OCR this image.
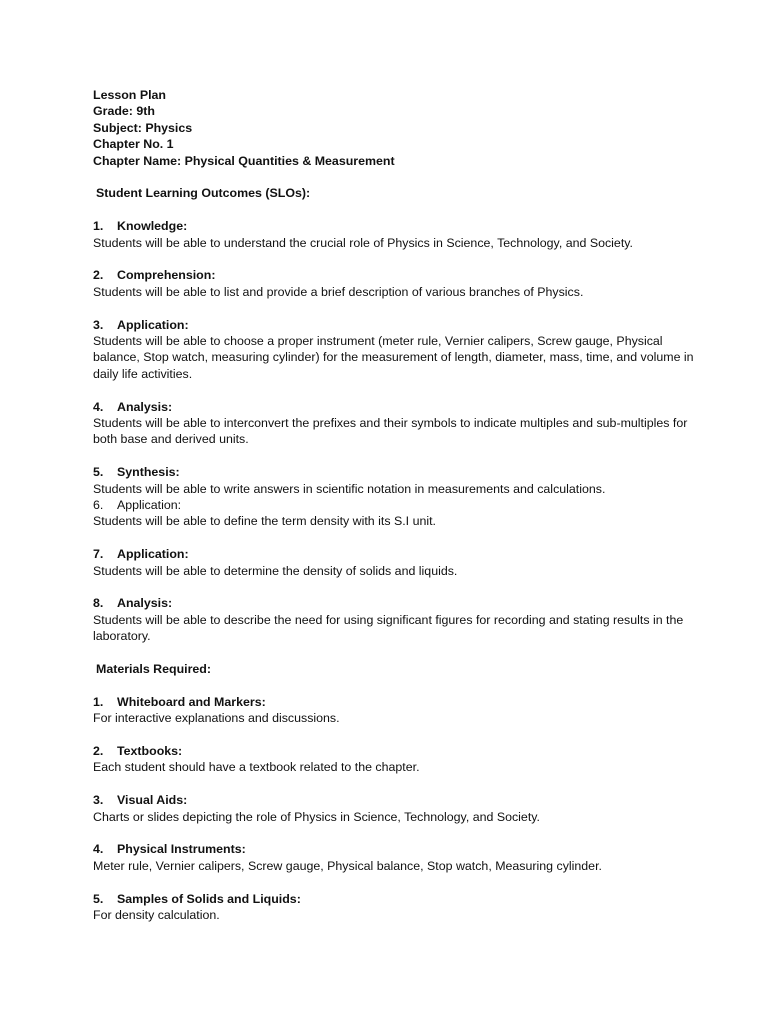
Lesson Plan
Grade: 9th
Subject: Physics
Chapter No. 1
Chapter Name: Physical Quantities & Measurement
Student Learning Outcomes (SLOs):
1. Knowledge:
Students will be able to understand the crucial role of Physics in Science, Technology, and Society.
2. Comprehension:
Students will be able to list and provide a brief description of various branches of Physics.
3. Application:
Students will be able to choose a proper instrument (meter rule, Vernier calipers, Screw gauge, Physical balance, Stop watch, measuring cylinder) for the measurement of length, diameter, mass, time, and volume in daily life activities.
4. Analysis:
Students will be able to interconvert the prefixes and their symbols to indicate multiples and sub-multiples for both base and derived units.
5. Synthesis:
Students will be able to write answers in scientific notation in measurements and calculations.
6. Application:
Students will be able to define the term density with its S.I unit.
7. Application:
Students will be able to determine the density of solids and liquids.
8. Analysis:
Students will be able to describe the need for using significant figures for recording and stating results in the laboratory.
Materials Required:
1. Whiteboard and Markers:
For interactive explanations and discussions.
2. Textbooks:
Each student should have a textbook related to the chapter.
3. Visual Aids:
Charts or slides depicting the role of Physics in Science, Technology, and Society.
4. Physical Instruments:
Meter rule, Vernier calipers, Screw gauge, Physical balance, Stop watch, Measuring cylinder.
5. Samples of Solids and Liquids:
For density calculation.
